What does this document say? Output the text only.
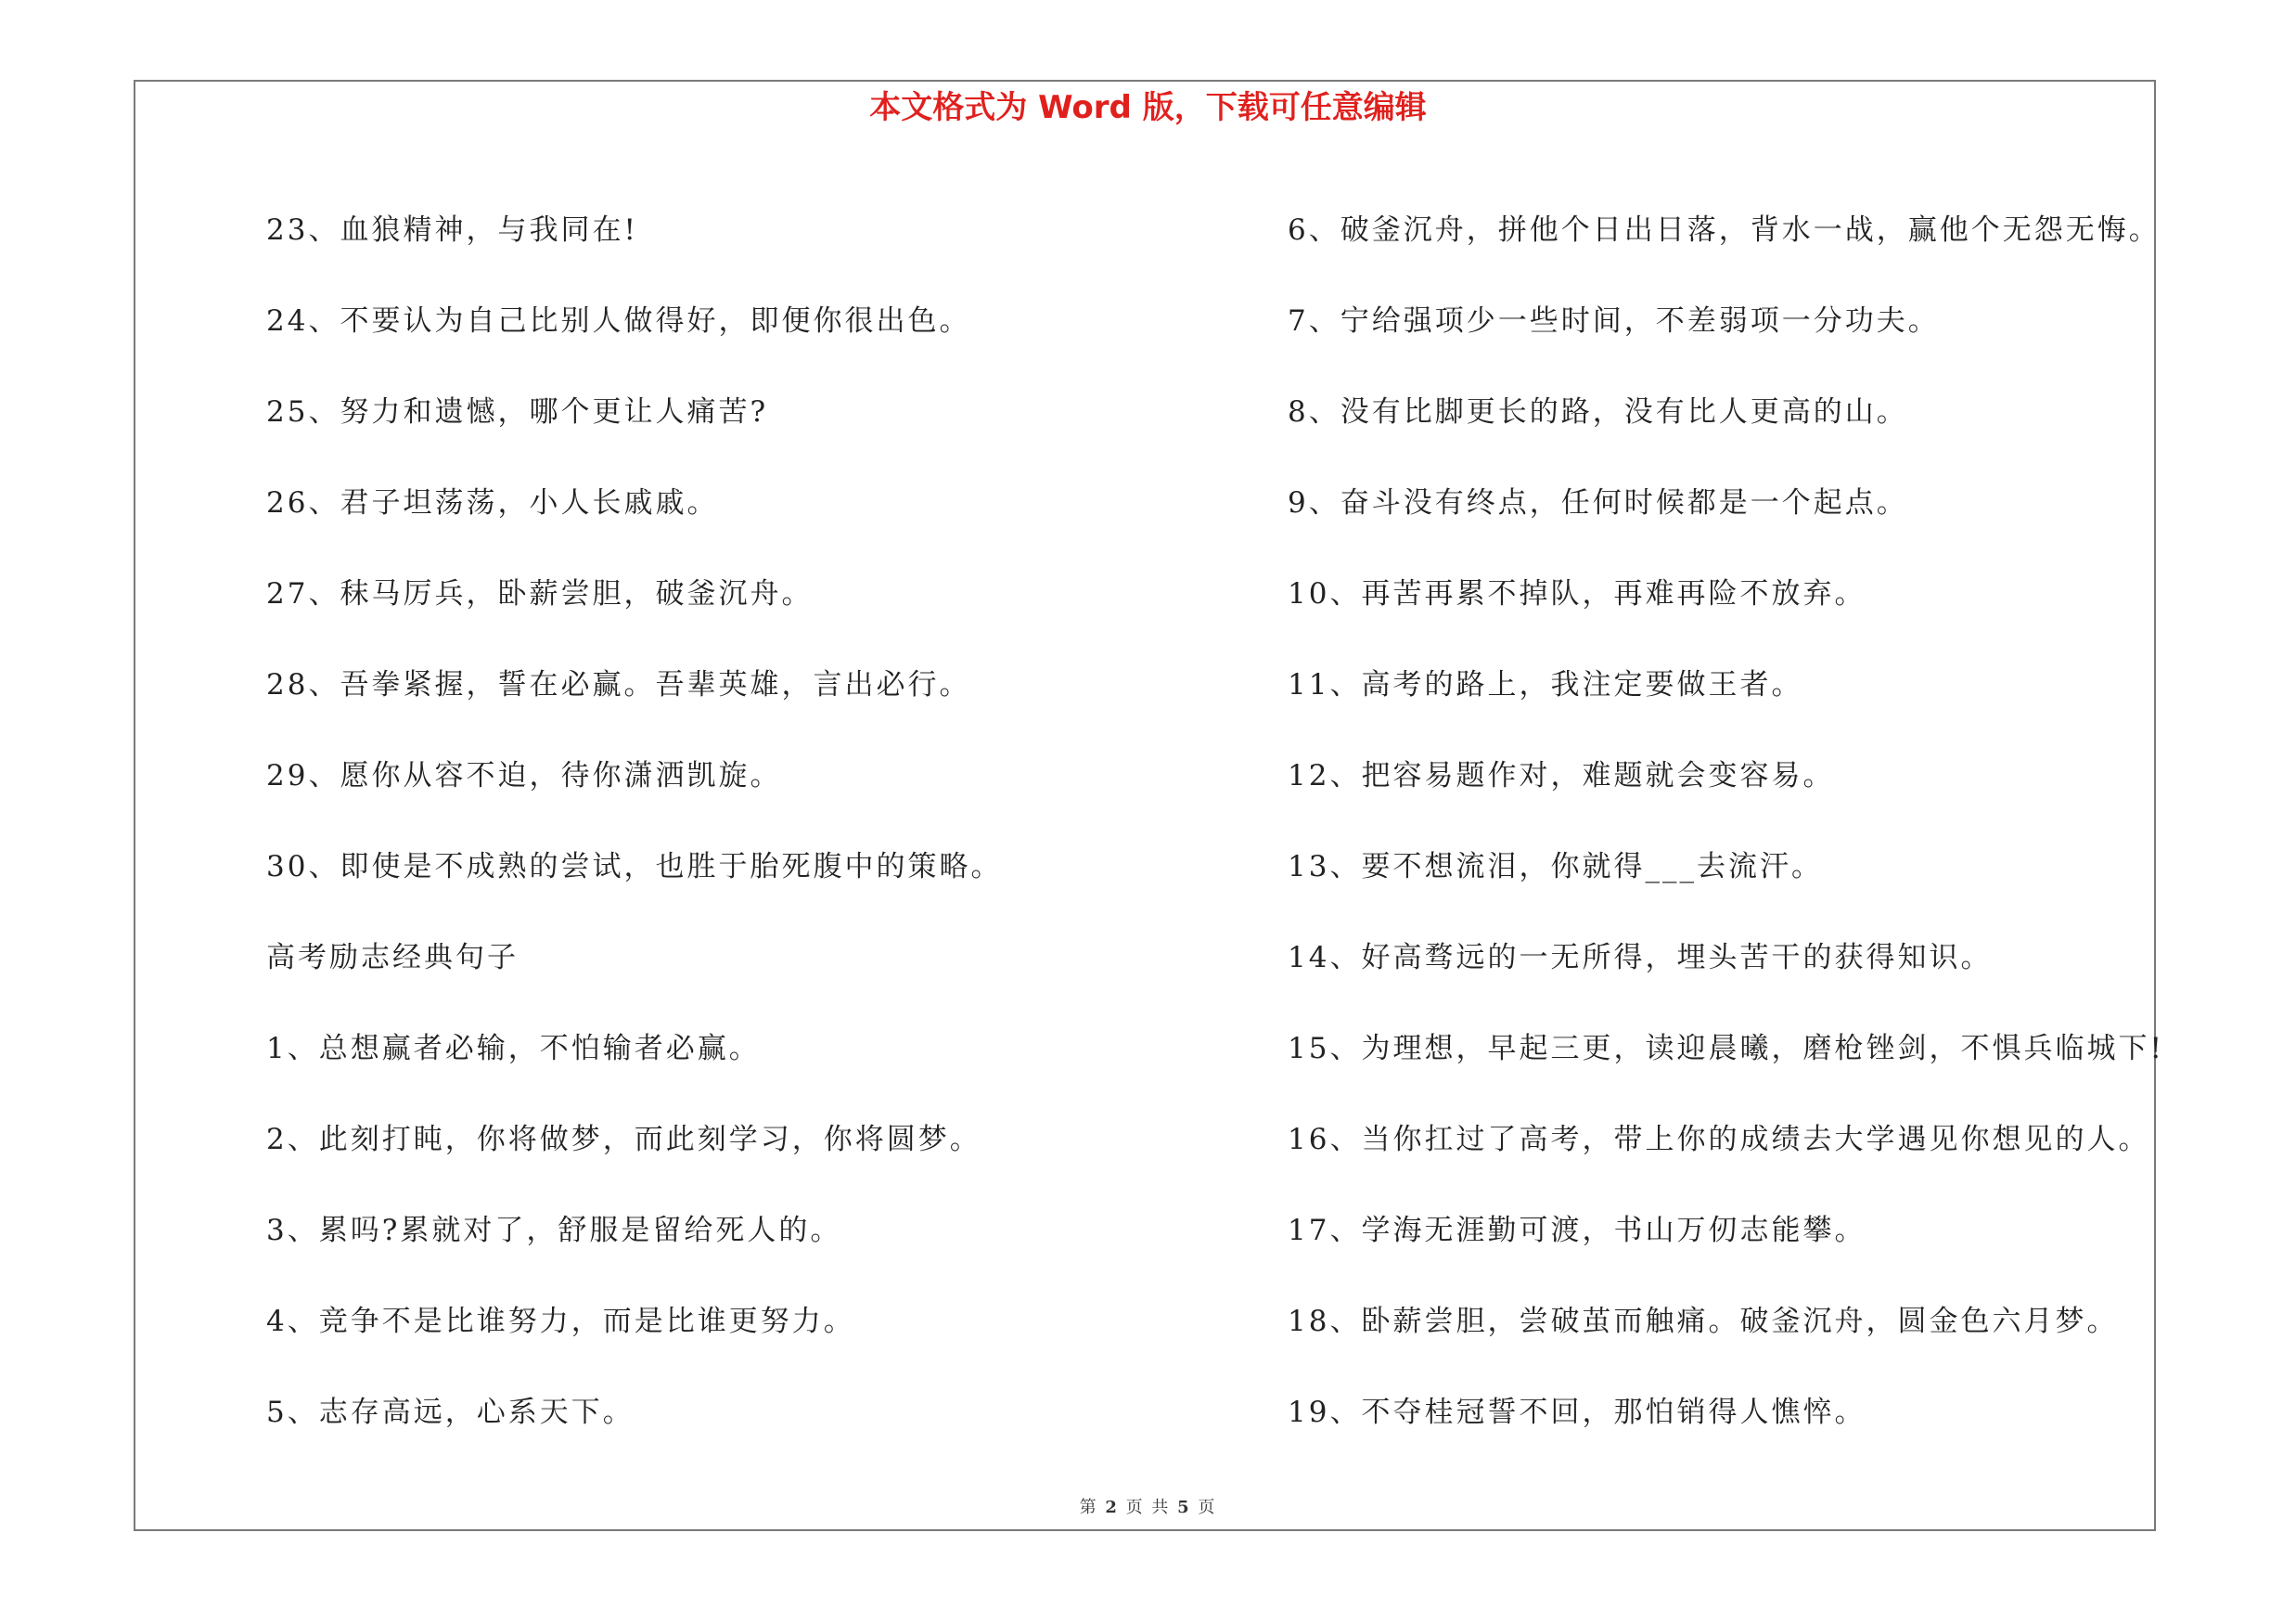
本文格式为 Word 版，下载可任意编辑
23、血狼精神，与我同在!
24、不要认为自己比别人做得好，即便你很出色。
25、努力和遗憾，哪个更让人痛苦?
26、君子坦荡荡，小人长戚戚。
27、秣马厉兵，卧薪尝胆，破釜沉舟。
28、吾拳紧握，誓在必赢。吾辈英雄，言出必行。
29、愿你从容不迫，待你潇洒凯旋。
30、即使是不成熟的尝试，也胜于胎死腹中的策略。
高考励志经典句子
1、总想赢者必输，不怕输者必赢。
2、此刻打盹，你将做梦，而此刻学习，你将圆梦。
3、累吗?累就对了，舒服是留给死人的。
4、竞争不是比谁努力，而是比谁更努力。
5、志存高远，心系天下。
6、破釜沉舟，拼他个日出日落，背水一战，赢他个无怨无悔。
7、宁给强项少一些时间，不差弱项一分功夫。
8、没有比脚更长的路，没有比人更高的山。
9、奋斗没有终点，任何时候都是一个起点。
10、再苦再累不掉队，再难再险不放弃。
11、高考的路上，我注定要做王者。
12、把容易题作对，难题就会变容易。
13、要不想流泪，你就得___去流汗。
14、好高骛远的一无所得，埋头苦干的获得知识。
15、为理想，早起三更，读迎晨曦，磨枪锉剑，不惧兵临城下!
16、当你扛过了高考，带上你的成绩去大学遇见你想见的人。
17、学海无涯勤可渡，书山万仞志能攀。
18、卧薪尝胆，尝破茧而触痛。破釜沉舟，圆金色六月梦。
19、不夺桂冠誓不回，那怕销得人憔悴。
第 2 页 共 5 页
